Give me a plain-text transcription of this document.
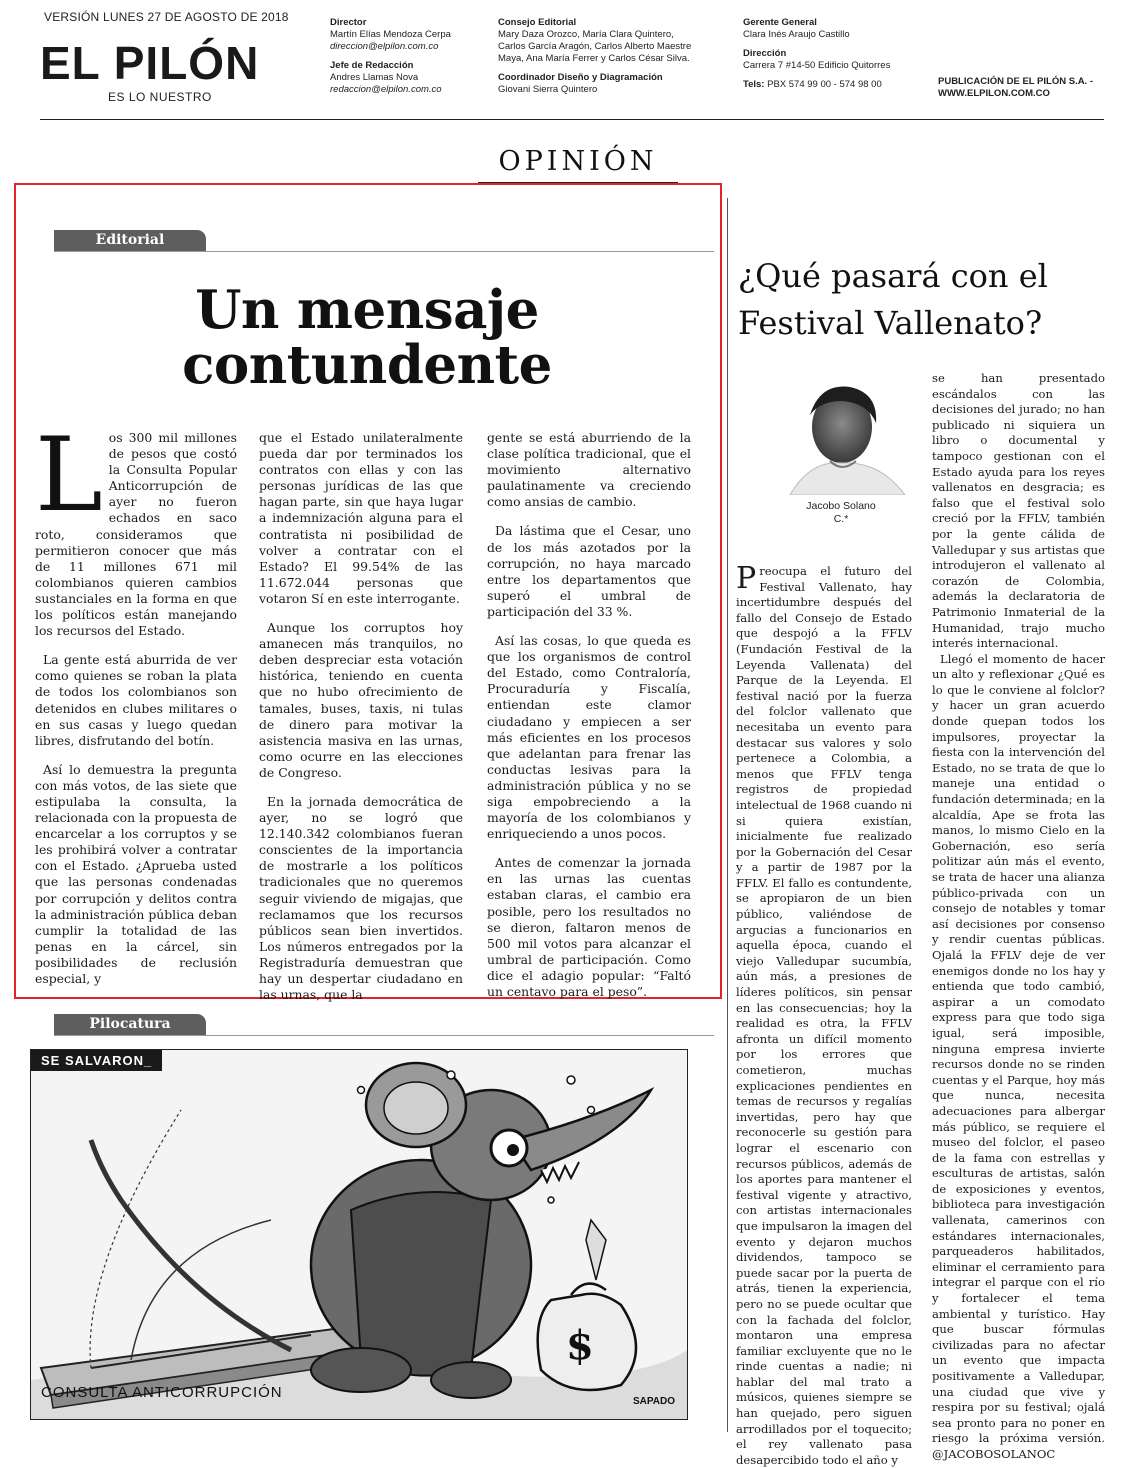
VERSIÓN LUNES 27 DE AGOSTO DE 2018
EL PILÓN
ES LO NUESTRO
Director
Martín Elías Mendoza Cerpa
direccion@elpilon.com.co
Jefe de Redacción
Andres Llamas Nova
redaccion@elpilon.com.co
Consejo Editorial
Mary Daza Orozco, María Clara Quintero,
Carlos García Aragón, Carlos Alberto Maestre
Maya, Ana María Ferrer y Carlos César Silva.
Coordinador Diseño y Diagramación
Giovani Sierra Quintero
Gerente General
Clara Inés Araujo Castillo
Dirección
Carrera 7 #14-50 Edificio Quitorres
Tels: PBX 574 99 00 - 574 98 00	PUBLICACIÓN DE EL PILÓN S.A. -
WWW.ELPILON.COM.CO
OPINIÓN
Editorial
Un mensaje
contundente
L os 300 mil millones de pesos que costó la Consulta Popular Anticorrupción de ayer no fueron echados en saco roto, consideramos que permitieron conocer que más de 11 millones 671 mil colombianos quieren cambios sustanciales en la forma en que los políticos están manejando los recursos del Estado.

La gente está aburrida de ver como quienes se roban la plata de todos los colombianos son detenidos en clubes militares o en sus casas y luego quedan libres, disfrutando del botín.

Así lo demuestra la pregunta con más votos, de las siete que estipulaba la consulta, la relacionada con la propuesta de encarcelar a los corruptos y se les prohibirá volver a contratar con el Estado. ¿Aprueba usted que las personas condenadas por corrupción y delitos contra la administración pública deban cumplir la totalidad de las penas en la cárcel, sin posibilidades de reclusión especial, y

que el Estado unilateralmente pueda dar por terminados los contratos con ellas y con las personas jurídicas de las que hagan parte, sin que haya lugar a indemnización alguna para el contratista ni posibilidad de volver a contratar con el Estado? El 99.54% de las 11.672.044 personas que votaron Sí en este interrogante.

Aunque los corruptos hoy amanecen más tranquilos, no deben despreciar esta votación histórica, teniendo en cuenta que no hubo ofrecimiento de tamales, buses, taxis, ni tulas de dinero para motivar la asistencia masiva en las urnas, como ocurre en las elecciones de Congreso.

En la jornada democrática de ayer, no se logró que 12.140.342 colombianos fueran conscientes de la importancia de mostrarle a los políticos tradicionales que no queremos seguir viviendo de migajas, que reclamamos que los recursos públicos sean bien invertidos. Los números entregados por la Registraduría demuestran que hay un despertar ciudadano en las urnas, que la

gente se está aburriendo de la clase política tradicional, que el movimiento alternativo paulatinamente va creciendo como ansias de cambio.

Da lástima que el Cesar, uno de los más azotados por la corrupción, no haya marcado entre los departamentos que superó el umbral de participación del 33 %.

Así las cosas, lo que queda es que los organismos de control del Estado, como Contraloría, Procuraduría y Fiscalía, entiendan este clamor ciudadano y empiecen a ser más eficientes en los procesos que adelantan para frenar las conductas lesivas para la administración pública y no se siga empobreciendo a la mayoría de los colombianos y enriqueciendo a unos pocos.

Antes de comenzar la jornada en las urnas las cuentas estaban claras, el cambio era posible, pero los resultados no se dieron, faltaron menos de 500 mil votos para alcanzar el umbral de participación. Como dice el adagio popular: “Faltó un centavo para el peso”.

Pilocatura
SE SALVARON_
$
CONSULTA ANTICORRUPCIÓN
SAPADO
¿Qué pasará con el
Festival Vallenato?
Jacobo Solano
C.*
P reocupa el futuro del Festival Vallenato, hay incertidumbre después del fallo del Consejo de Estado que despojó a la FFLV (Fundación Festival de la Leyenda Vallenata) del Parque de la Leyenda. El festival nació por la fuerza del folclor vallenato que necesitaba un evento para destacar sus valores y solo pertenece a Colombia, a menos que FFLV tenga registros de propiedad intelectual de 1968 cuando ni si quiera existían, inicialmente fue realizado por la Gobernación del Cesar y a partir de 1987 por la FFLV. El fallo es contundente, se apropiaron de un bien público, valiéndose de argucias a funcionarios en aquella época, cuando el viejo Valledupar sucumbía, aún más, a presiones de líderes políticos, sin pensar en las consecuencias; hoy la realidad es otra, la FFLV afronta un difícil momento por los errores que cometieron, muchas explicaciones pendientes en temas de recursos y regalías invertidas, pero hay que reconocerle su gestión para lograr el escenario con recursos públicos, además de los aportes para mantener el festival vigente y atractivo, con artistas internacionales que impulsaron la imagen del evento y dejaron muchos dividendos, tampoco se puede sacar por la puerta de atrás, tienen la experiencia, pero no se puede ocultar que con la fachada del folclor, montaron una empresa familiar excluyente que no le rinde cuentas a nadie; ni hablar del mal trato a músicos, quienes siempre se han quejado, pero siguen arrodillados por el toquecito; el rey vallenato pasa desapercibido todo el año y

se han presentado escándalos con las decisiones del jurado; no han publicado ni siquiera un libro o documental y tampoco gestionan con el Estado ayuda para los reyes vallenatos en desgracia; es falso que el festival solo creció por la FFLV, también por la gente cálida de Valledupar y sus artistas que introdujeron el vallenato al corazón de Colombia, además la declaratoria de Patrimonio Inmaterial de la Humanidad, trajo mucho interés internacional.

Llegó el momento de hacer un alto y reflexionar ¿Qué es lo que le conviene al folclor? y hacer un gran acuerdo donde quepan todos los impulsores, proyectar la fiesta con la intervención del Estado, no se trata de que lo maneje una entidad o fundación determinada; en la alcaldía, Ape se frota las manos, lo mismo Cielo en la Gobernación, eso sería politizar aún más el evento, se trata de hacer una alianza público-privada con un consejo de notables y tomar así decisiones por consenso y rendir cuentas públicas. Ojalá la FFLV deje de ver enemigos donde no los hay y entienda que todo cambió, aspirar a un comodato express para que todo siga igual, será imposible, ninguna empresa invierte recursos donde no se rinden cuentas y el Parque, hoy más que nunca, necesita adecuaciones para albergar más público, se requiere el museo del folclor, el paseo de la fama con estrellas y esculturas de artistas, salón de exposiciones y eventos, biblioteca para investigación vallenata, camerinos con estándares internacionales, parqueaderos habilitados, eliminar el cerramiento para integrar el parque con el río y fortalecer el tema ambiental y turístico. Hay que buscar fórmulas civilizadas para no afectar un evento que impacta positivamente a Valledupar, una ciudad que vive y respira por su festival; ojalá sea pronto para no poner en riesgo la próxima versión. @JACOBOSOLANOC
